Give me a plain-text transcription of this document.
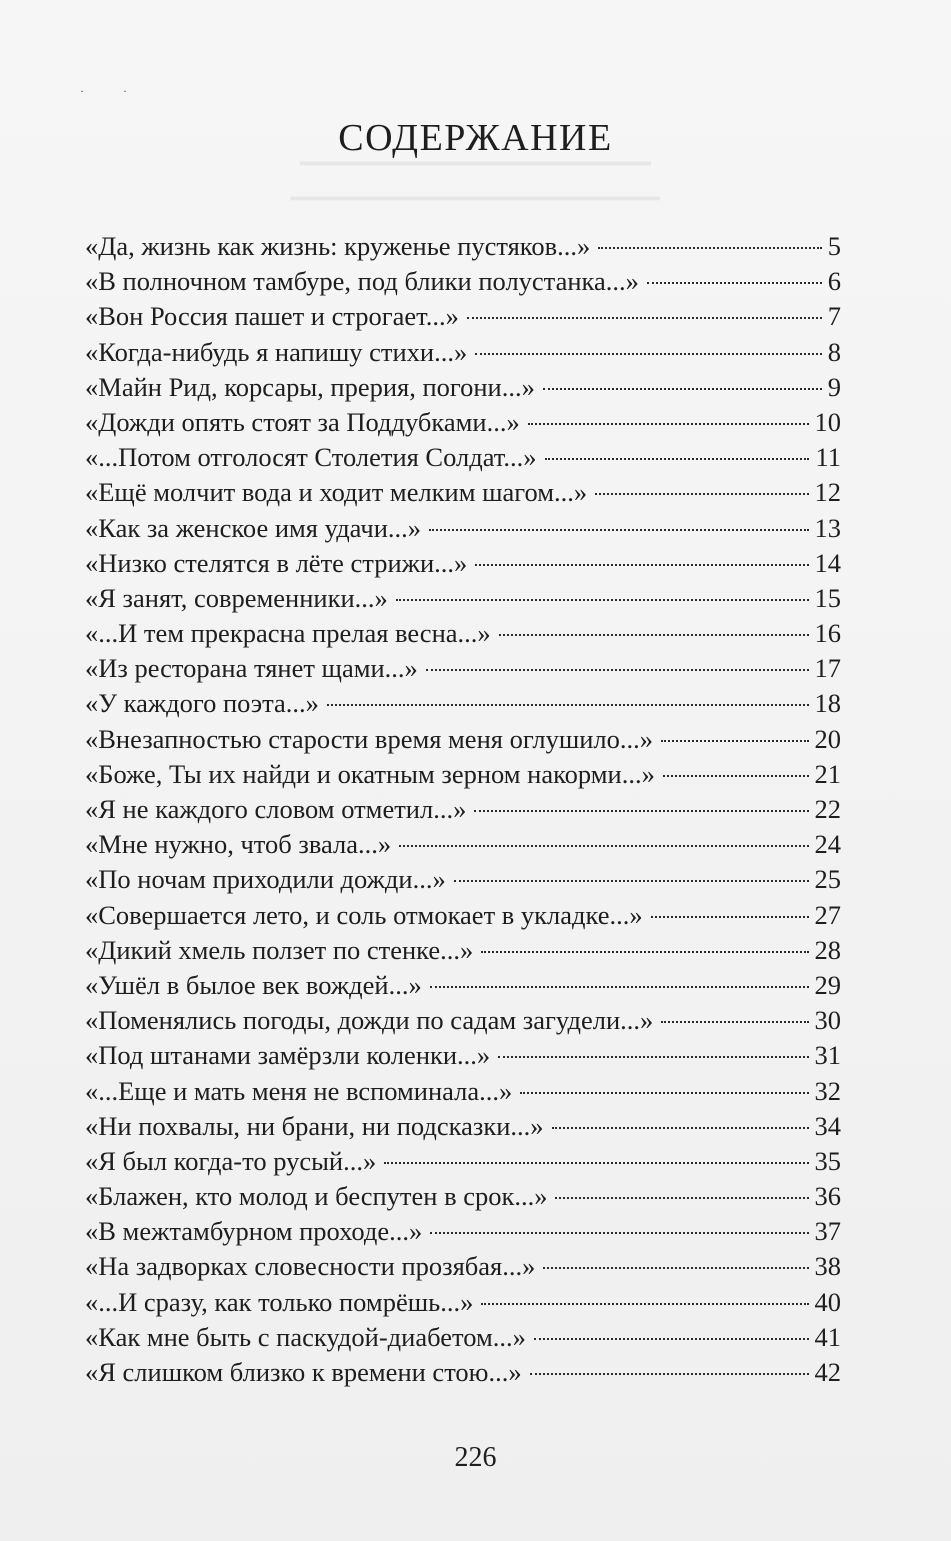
· ·
СОДЕРЖАНИЕ
▔▔▔▔▔▔▔▔▔▔▔▔▔▔▔▔▔▔▔
▔▔▔▔▔▔▔▔▔▔▔▔▔▔▔▔▔▔▔▔
«Да, жизнь как жизнь: круженье пустяков...»	5
«В полночном тамбуре, под блики полустанка...»	6
«Вон Россия пашет и строгает...»	7
«Когда-нибудь я напишу стихи...»	8
«Майн Рид, корсары, прерия, погони...»	9
«Дожди опять стоят за Поддубками...»	10
«...Потом отголосят Столетия Солдат...»	11
«Ещё молчит вода и ходит мелким шагом...»	12
«Как за женское имя удачи...»	13
«Низко стелятся в лёте стрижи...»	14
«Я занят, современники...»	15
«...И тем прекрасна прелая весна...»	16
«Из ресторана тянет щами...»	17
«У каждого поэта...»	18
«Внезапностью старости время меня оглушило...»	20
«Боже, Ты их найди и окатным зерном накорми...»	21
«Я не каждого словом отметил...»	22
«Мне нужно, чтоб звала...»	24
«По ночам приходили дожди...»	25
«Совершается лето, и соль отмокает в укладке...»	27
«Дикий хмель ползет по стенке...»	28
«Ушёл в былое век вождей...»	29
«Поменялись погоды, дожди по садам загудели...»	30
«Под штанами замёрзли коленки...»	31
«...Еще и мать меня не вспоминала...»	32
«Ни похвалы, ни брани, ни подсказки...»	34
«Я был когда-то русый...»	35
«Блажен, кто молод и беспутен в срок...»	36
«В межтамбурном проходе...»	37
«На задворках словесности прозябая...»	38
«...И сразу, как только помрёшь...»	40
«Как мне быть с паскудой-диабетом...»	41
«Я слишком близко к времени стою...»	42
226
